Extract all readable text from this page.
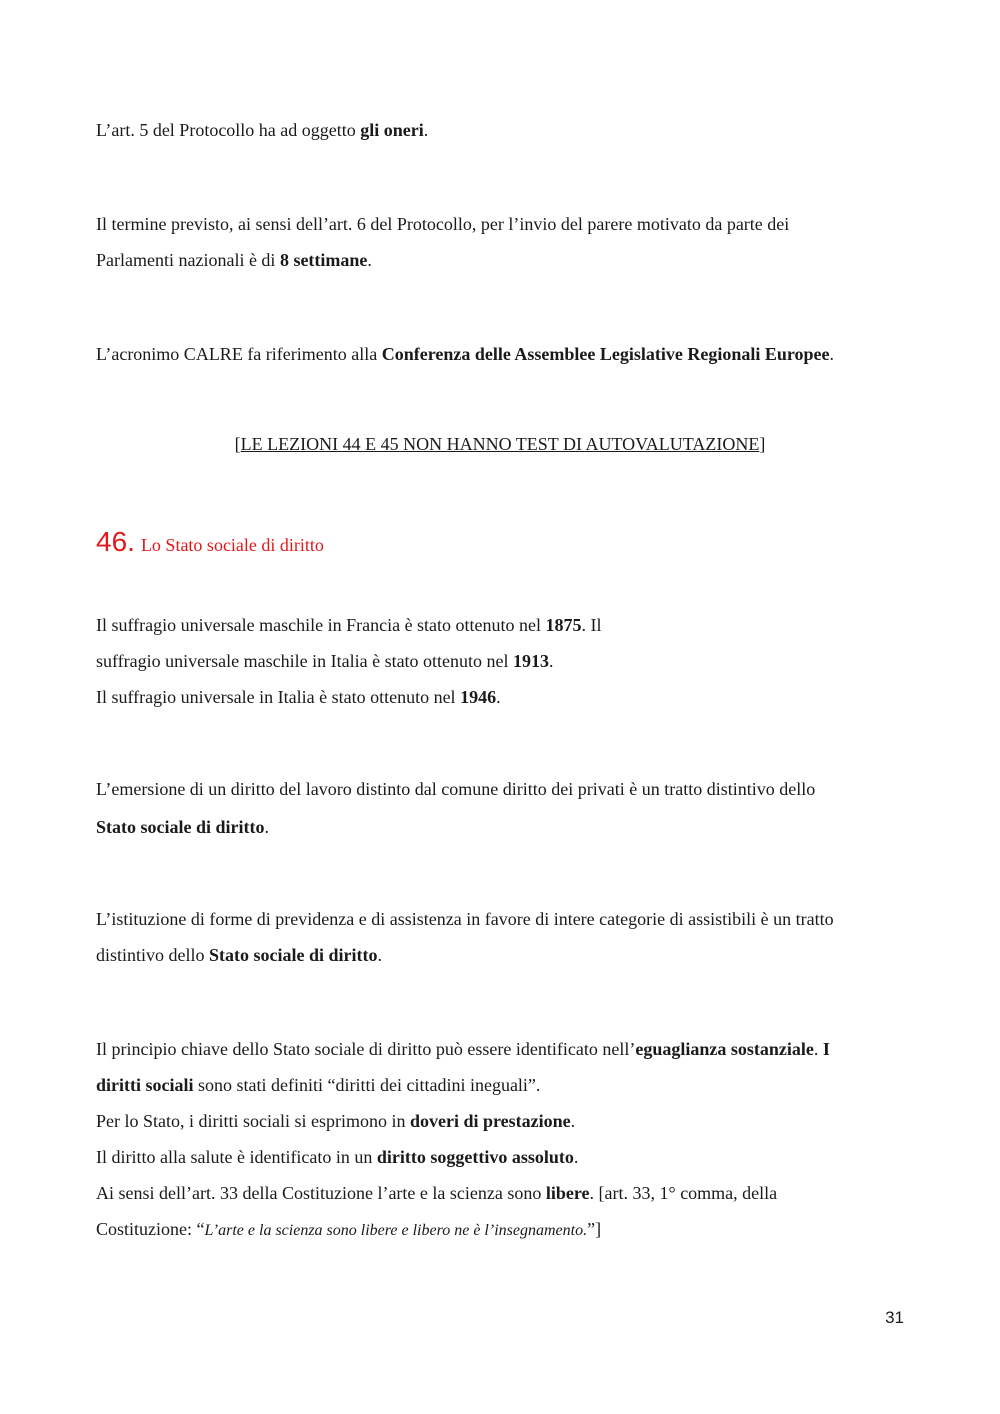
L’art. 5 del Protocollo ha ad oggetto gli oneri.
Il termine previsto, ai sensi dell’art. 6 del Protocollo, per l’invio del parere motivato da parte dei
Parlamenti nazionali è di 8 settimane.
L’acronimo CALRE fa riferimento alla Conferenza delle Assemblee Legislative Regionali Europee.
[LE LEZIONI 44 E 45 NON HANNO TEST DI AUTOVALUTAZIONE]
46. Lo Stato sociale di diritto
Il suffragio universale maschile in Francia è stato ottenuto nel 1875. Il
suffragio universale maschile in Italia è stato ottenuto nel 1913.
Il suffragio universale in Italia è stato ottenuto nel 1946.
L’emersione di un diritto del lavoro distinto dal comune diritto dei privati è un tratto distintivo dello
Stato sociale di diritto.
L’istituzione di forme di previdenza e di assistenza in favore di intere categorie di assistibili è un tratto
distintivo dello Stato sociale di diritto.
Il principio chiave dello Stato sociale di diritto può essere identificato nell’eguaglianza sostanziale. I
diritti sociali sono stati definiti “diritti dei cittadini ineguali”.
Per lo Stato, i diritti sociali si esprimono in doveri di prestazione.
Il diritto alla salute è identificato in un diritto soggettivo assoluto.
Ai sensi dell’art. 33 della Costituzione l’arte e la scienza sono libere. [art. 33, 1° comma, della
Costituzione: “L’arte e la scienza sono libere e libero ne è l’insegnamento.”]
31
